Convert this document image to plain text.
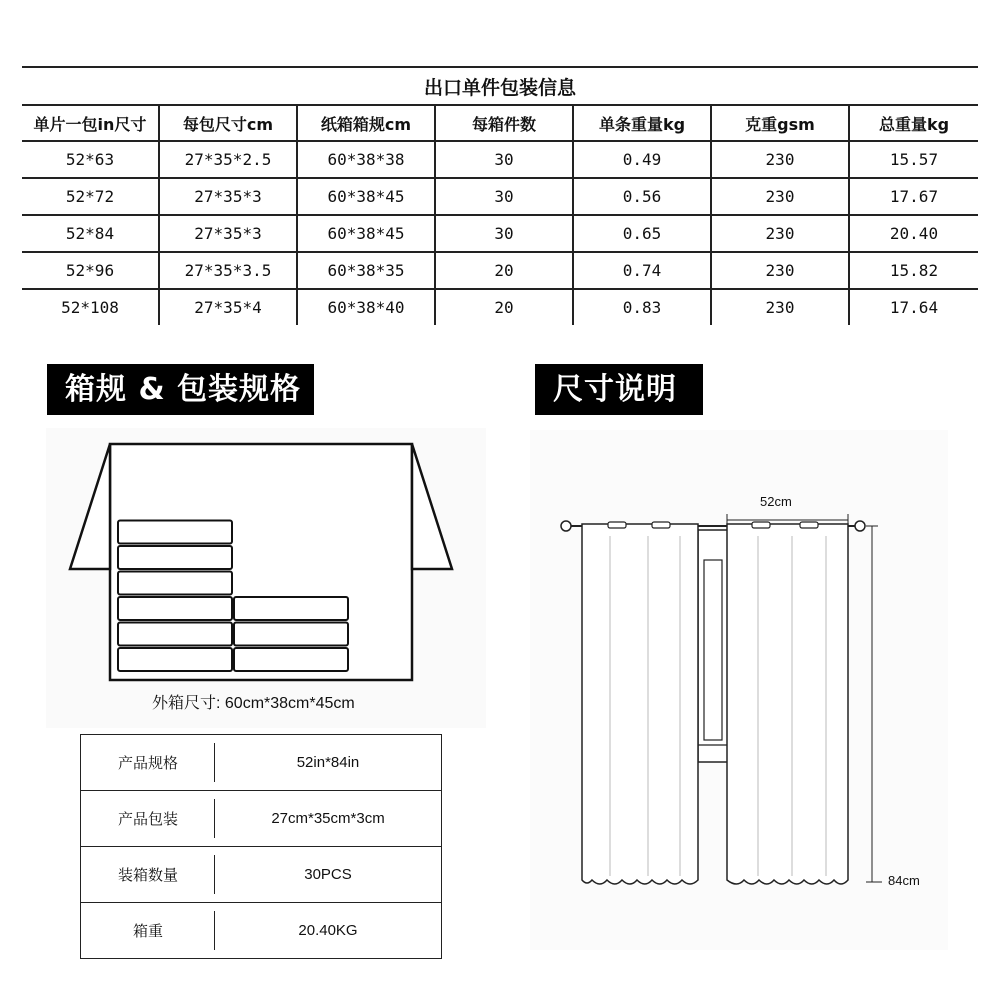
出口单件包装信息						
单片一包in尺寸	每包尺寸cm	纸箱箱规cm	每箱件数	单条重量kg	克重gsm	总重量kg
52*63	27*35*2.5	60*38*38	30	0.49	230	15.57
52*72	27*35*3	60*38*45	30	0.56	230	17.67
52*84	27*35*3	60*38*45	30	0.65	230	20.40
52*96	27*35*3.5	60*38*35	20	0.74	230	15.82
52*108	27*35*4	60*38*40	20	0.83	230	17.64
箱规 & 包装规格	尺寸说明
外箱尺寸: 60cm*38cm*45cm
产品规格	52in*84in
产品包装	27cm*35cm*3cm
装箱数量	30PCS
箱重	20.40KG
52cm
84cm
